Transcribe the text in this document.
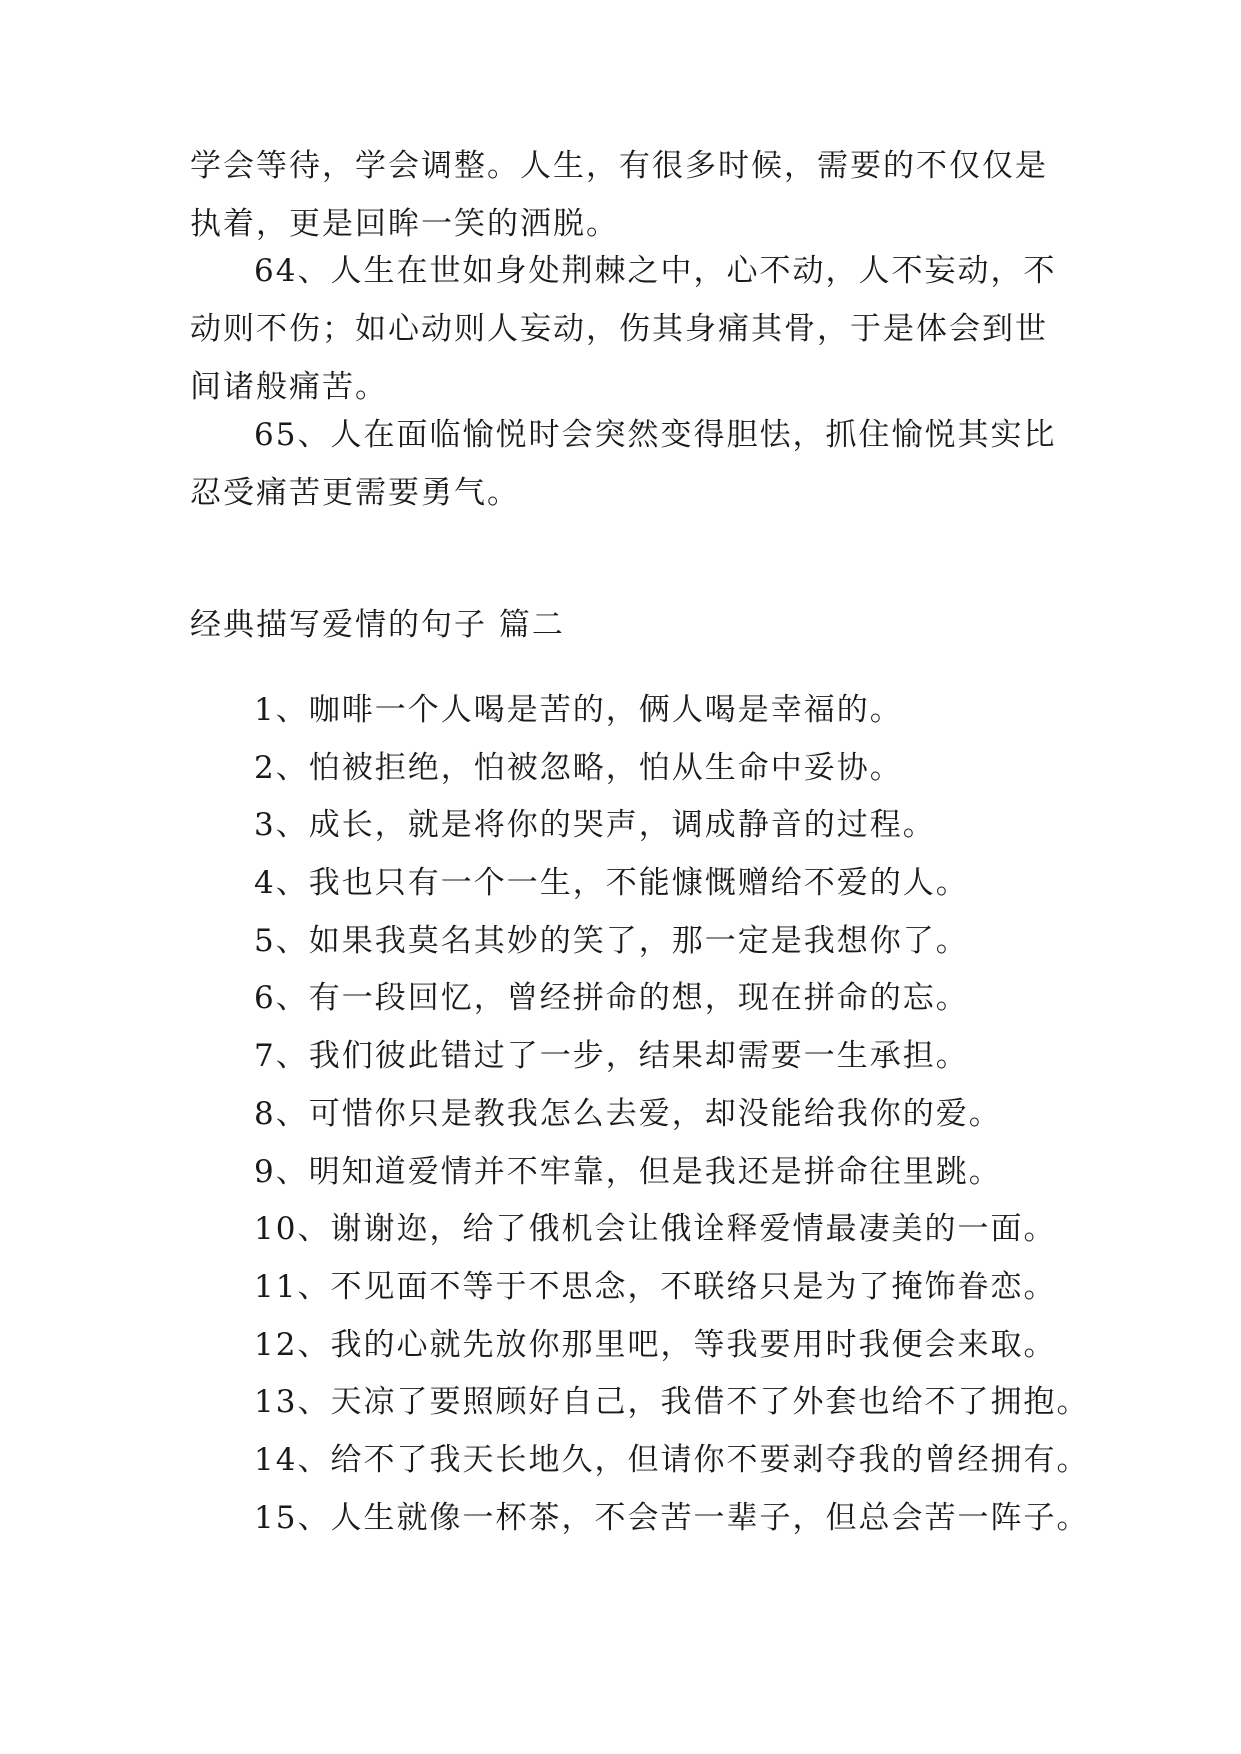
学会等待，学会调整。人生，有很多时候，需要的不仅仅是
执着，更是回眸一笑的洒脱。
64、人生在世如身处荆棘之中，心不动，人不妄动，不
动则不伤；如心动则人妄动，伤其身痛其骨，于是体会到世
间诸般痛苦。
65、人在面临愉悦时会突然变得胆怯，抓住愉悦其实比
忍受痛苦更需要勇气。
经典描写爱情的句子 篇二
1、咖啡一个人喝是苦的，俩人喝是幸福的。
2、怕被拒绝，怕被忽略，怕从生命中妥协。
3、成长，就是将你的哭声，调成静音的过程。
4、我也只有一个一生，不能慷慨赠给不爱的人。
5、如果我莫名其妙的笑了，那一定是我想你了。
6、有一段回忆，曾经拼命的想，现在拼命的忘。
7、我们彼此错过了一步，结果却需要一生承担。
8、可惜你只是教我怎么去爱，却没能给我你的爱。
9、明知道爱情并不牢靠，但是我还是拼命往里跳。
10、谢谢迩，给了俄机会让俄诠释爱情最凄美的一面。
11、不见面不等于不思念，不联络只是为了掩饰眷恋。
12、我的心就先放你那里吧，等我要用时我便会来取。
13、天凉了要照顾好自己，我借不了外套也给不了拥抱。
14、给不了我天长地久，但请你不要剥夺我的曾经拥有。
15、人生就像一杯茶，不会苦一辈子，但总会苦一阵子。
